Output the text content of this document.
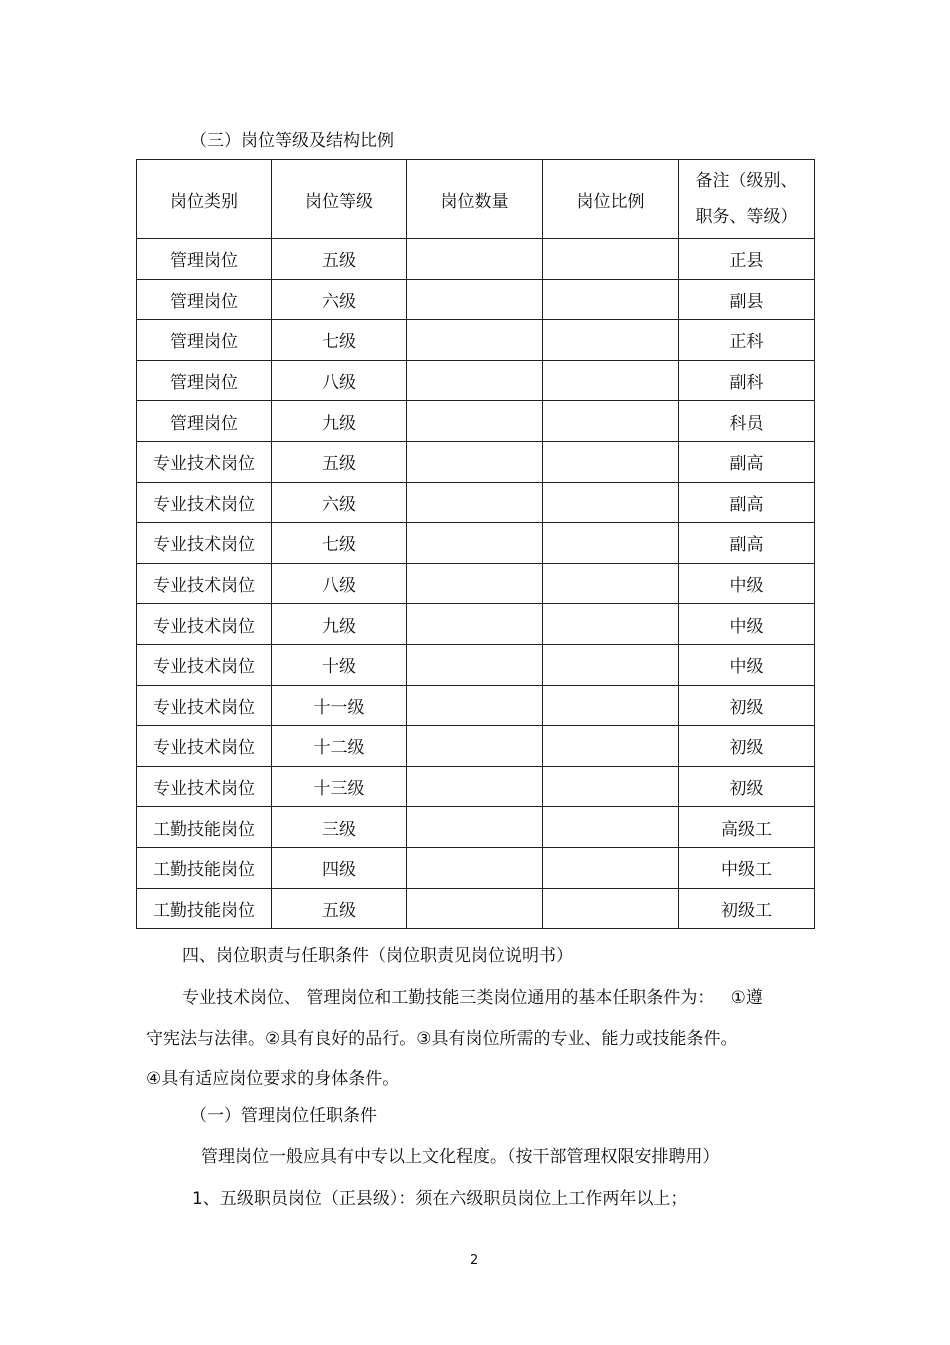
（三）岗位等级及结构比例
岗位类别	岗位等级	岗位数量	岗位比例	备注（级别、
职务、等级）

管理岗位	五级			正县
管理岗位	六级			副县
管理岗位	七级			正科
管理岗位	八级			副科
管理岗位	九级			科员
专业技术岗位	五级			副高
专业技术岗位	六级			副高
专业技术岗位	七级			副高
专业技术岗位	八级			中级
专业技术岗位	九级			中级
专业技术岗位	十级			中级
专业技术岗位	十一级			初级
专业技术岗位	十二级			初级
专业技术岗位	十三级			初级
工勤技能岗位	三级			高级工
工勤技能岗位	四级			中级工
工勤技能岗位	五级			初级工
四、岗位职责与任职条件（岗位职责见岗位说明书）
专业技术岗位、 管理岗位和工勤技能三类岗位通用的基本任职条件为：   ①遵
守宪法与法律。②具有良好的品行。③具有岗位所需的专业、能力或技能条件。
④具有适应岗位要求的身体条件。
（一）管理岗位任职条件
管理岗位一般应具有中专以上文化程度。（按干部管理权限安排聘用）
1、五级职员岗位（正县级）：须在六级职员岗位上工作两年以上；
2
